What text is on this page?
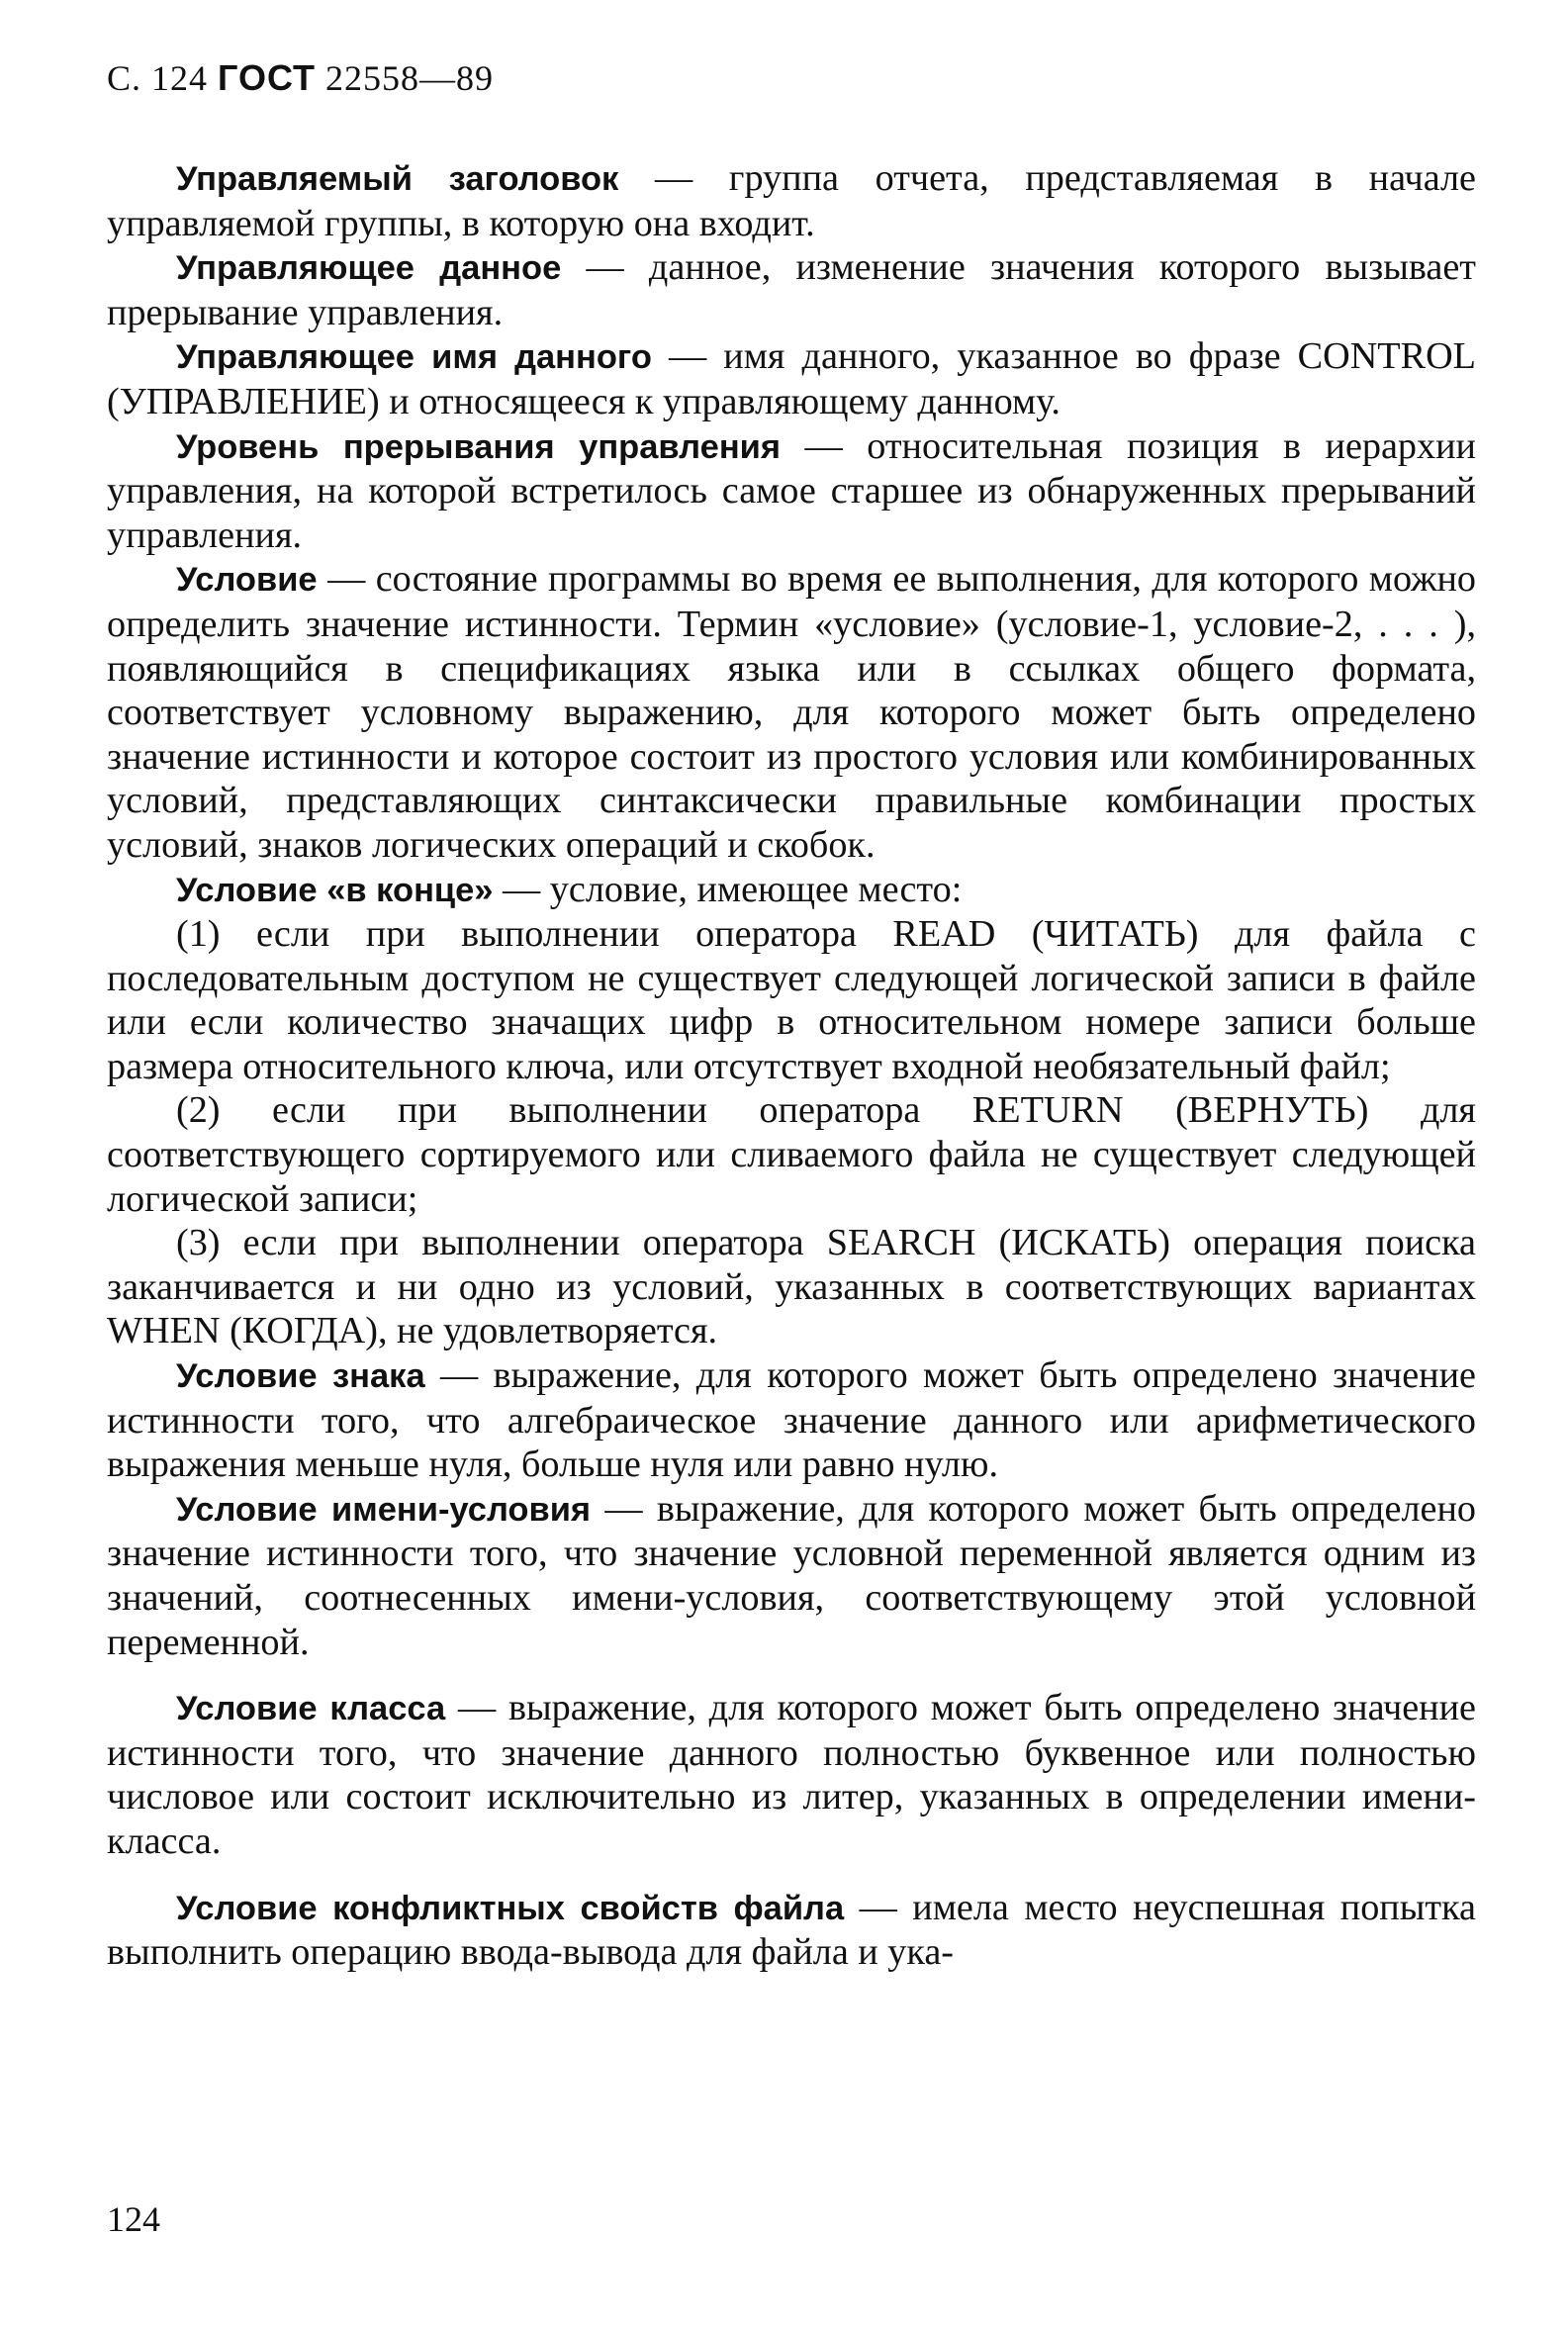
С. 124 ГОСТ 22558—89

Управляемый заголовок — группа отчета, представляемая в начале управляемой группы, в которую она входит.

Управляющее данное — данное, изменение значения которого вызывает прерывание управления.

Управляющее имя данного — имя данного, указанное во фразе CONTROL (УПРАВЛЕНИЕ) и относящееся к управляющему данному.

Уровень прерывания управления — относительная позиция в иерархии управления, на которой встретилось самое старшее из обнаруженных прерываний управления.

Условие — состояние программы во время ее выполнения, для которого можно определить значение истинности. Термин «условие» (условие-1, условие-2, . . . ), появляющийся в спецификациях языка или в ссылках общего формата, соответствует условному выражению, для которого может быть определено значение истинности и которое состоит из простого условия или комбинированных условий, представляющих синтаксически правильные комбинации простых условий, знаков логических операций и скобок.

Условие «в конце» — условие, имеющее место:

(1) если при выполнении оператора READ (ЧИТАТЬ) для файла с последовательным доступом не существует следующей логической записи в файле или если количество значащих цифр в относительном номере записи больше размера относительного ключа, или отсутствует входной необязательный файл;

(2) если при выполнении оператора RETURN (ВЕРНУТЬ) для соответствующего сортируемого или сливаемого файла не существует следующей логической записи;

(3) если при выполнении оператора SEARCH (ИСКАТЬ) операция поиска заканчивается и ни одно из условий, указанных в соответствующих вариантах WHEN (КОГДА), не удовлетворяется.

Условие знака — выражение, для которого может быть определено значение истинности того, что алгебраическое значение данного или арифметического выражения меньше нуля, больше нуля или равно нулю.

Условие имени-условия — выражение, для которого может быть определено значение истинности того, что значение условной переменной является одним из значений, соотнесенных имени-условия, соответствующему этой условной переменной.

Условие класса — выражение, для которого может быть определено значение истинности того, что значение данного полностью буквенное или полностью числовое или состоит исключительно из литер, указанных в определении имени-класса.

Условие конфликтных свойств файла — имела место неуспешная попытка выполнить операцию ввода-вывода для файла и ука-

124
